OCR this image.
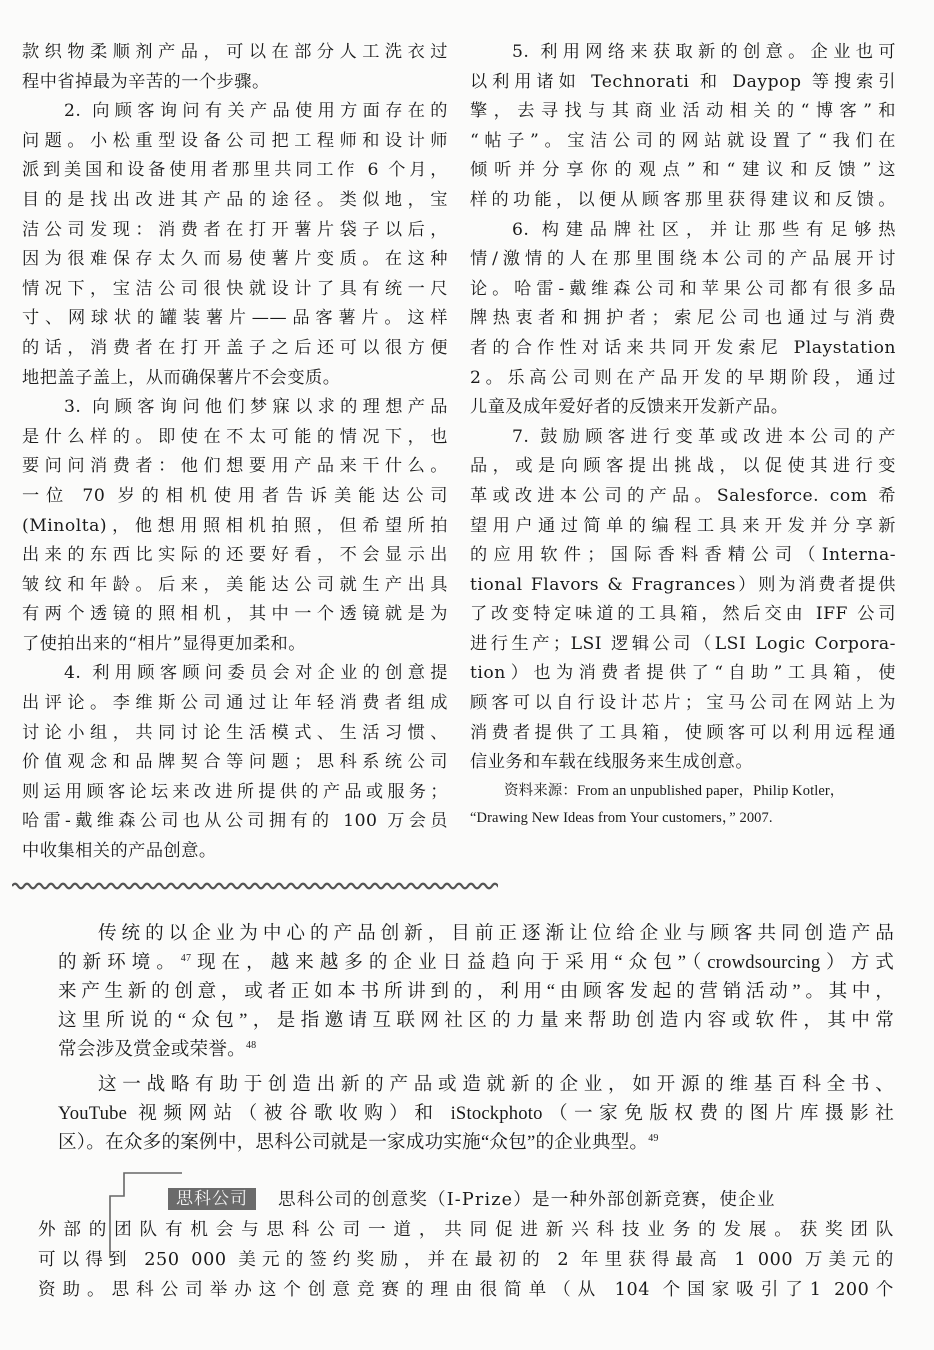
款织物柔顺剂产品，可以在部分人工洗衣过
程中省掉最为辛苦的一个步骤。
2. 向顾客询问有关产品使用方面存在的
问题。小松重型设备公司把工程师和设计师
派到美国和设备使用者那里共同工作 6 个月，
目的是找出改进其产品的途径。类似地，宝
洁公司发现：消费者在打开薯片袋子以后，
因为很难保存太久而易使薯片变质。在这种
情况下，宝洁公司很快就设计了具有统一尺
寸、网球状的罐装薯片——品客薯片。这样
的话，消费者在打开盖子之后还可以很方便
地把盖子盖上，从而确保薯片不会变质。
3. 向顾客询问他们梦寐以求的理想产品
是什么样的。即使在不太可能的情况下，也
要问问消费者：他们想要用产品来干什么。
一位 70 岁的相机使用者告诉美能达公司
(Minolta)，他想用照相机拍照，但希望所拍
出来的东西比实际的还要好看，不会显示出
皱纹和年龄。后来，美能达公司就生产出具
有两个透镜的照相机，其中一个透镜就是为
了使拍出来的“相片”显得更加柔和。
4. 利用顾客顾问委员会对企业的创意提
出评论。李维斯公司通过让年轻消费者组成
讨论小组，共同讨论生活模式、生活习惯、
价值观念和品牌契合等问题；思科系统公司
则运用顾客论坛来改进所提供的产品或服务；
哈雷-戴维森公司也从公司拥有的 100 万会员
中收集相关的产品创意。
5. 利用网络来获取新的创意。企业也可
以利用诸如 Technorati 和 Daypop 等搜索引
擎，去寻找与其商业活动相关的“博客”和
“帖子”。宝洁公司的网站就设置了“我们在
倾听并分享你的观点”和“建议和反馈”这
样的功能，以便从顾客那里获得建议和反馈。
6. 构建品牌社区，并让那些有足够热
情/激情的人在那里围绕本公司的产品展开讨
论。哈雷-戴维森公司和苹果公司都有很多品
牌热衷者和拥护者；索尼公司也通过与消费
者的合作性对话来共同开发索尼 Playstation
2。乐高公司则在产品开发的早期阶段，通过
儿童及成年爱好者的反馈来开发新产品。
7. 鼓励顾客进行变革或改进本公司的产
品，或是向顾客提出挑战，以促使其进行变
革或改进本公司的产品。Salesforce. com 希
望用户通过简单的编程工具来开发并分享新
的应用软件；国际香料香精公司（Interna-
tional Flavors & Fragrances）则为消费者提供
了改变特定味道的工具箱，然后交由 IFF 公司
进行生产；LSI 逻辑公司（LSI Logic Corpora-
tion）也为消费者提供了“自助”工具箱，使
顾客可以自行设计芯片；宝马公司在网站上为
消费者提供了工具箱，使顾客可以利用远程通
信业务和车载在线服务来生成创意。
资料来源：From an unpublished paper，Philip Kotler，
“Drawing New Ideas from Your customers，” 2007.
传统的以企业为中心的产品创新，目前正逐渐让位给企业与顾客共同创造产品
的新环境。$^{47}$现在，越来越多的企业日益趋向于采用“众包”（crowdsourcing）方式
来产生新的创意，或者正如本书所讲到的，利用“由顾客发起的营销活动”。其中，
这里所说的“众包”，是指邀请互联网社区的力量来帮助创造内容或软件，其中常
常会涉及赏金或荣誉。$^{48}$
这一战略有助于创造出新的产品或造就新的企业，如开源的维基百科全书、
YouTube 视频网站（被谷歌收购）和 iStockphoto（一家免版权费的图片库摄影社
区）。在众多的案例中，思科公司就是一家成功实施“众包”的企业典型。$^{49}$
思科公司 思科公司的创意奖（I-Prize）是一种外部创新竞赛，使企业
外部的团队有机会与思科公司一道，共同促进新兴科技业务的发展。获奖团队
可以得到 250 000 美元的签约奖励，并在最初的 2 年里获得最高 1 000 万美元的
资助。思科公司举办这个创意竞赛的理由很简单（从 104 个国家吸引了1 200个
